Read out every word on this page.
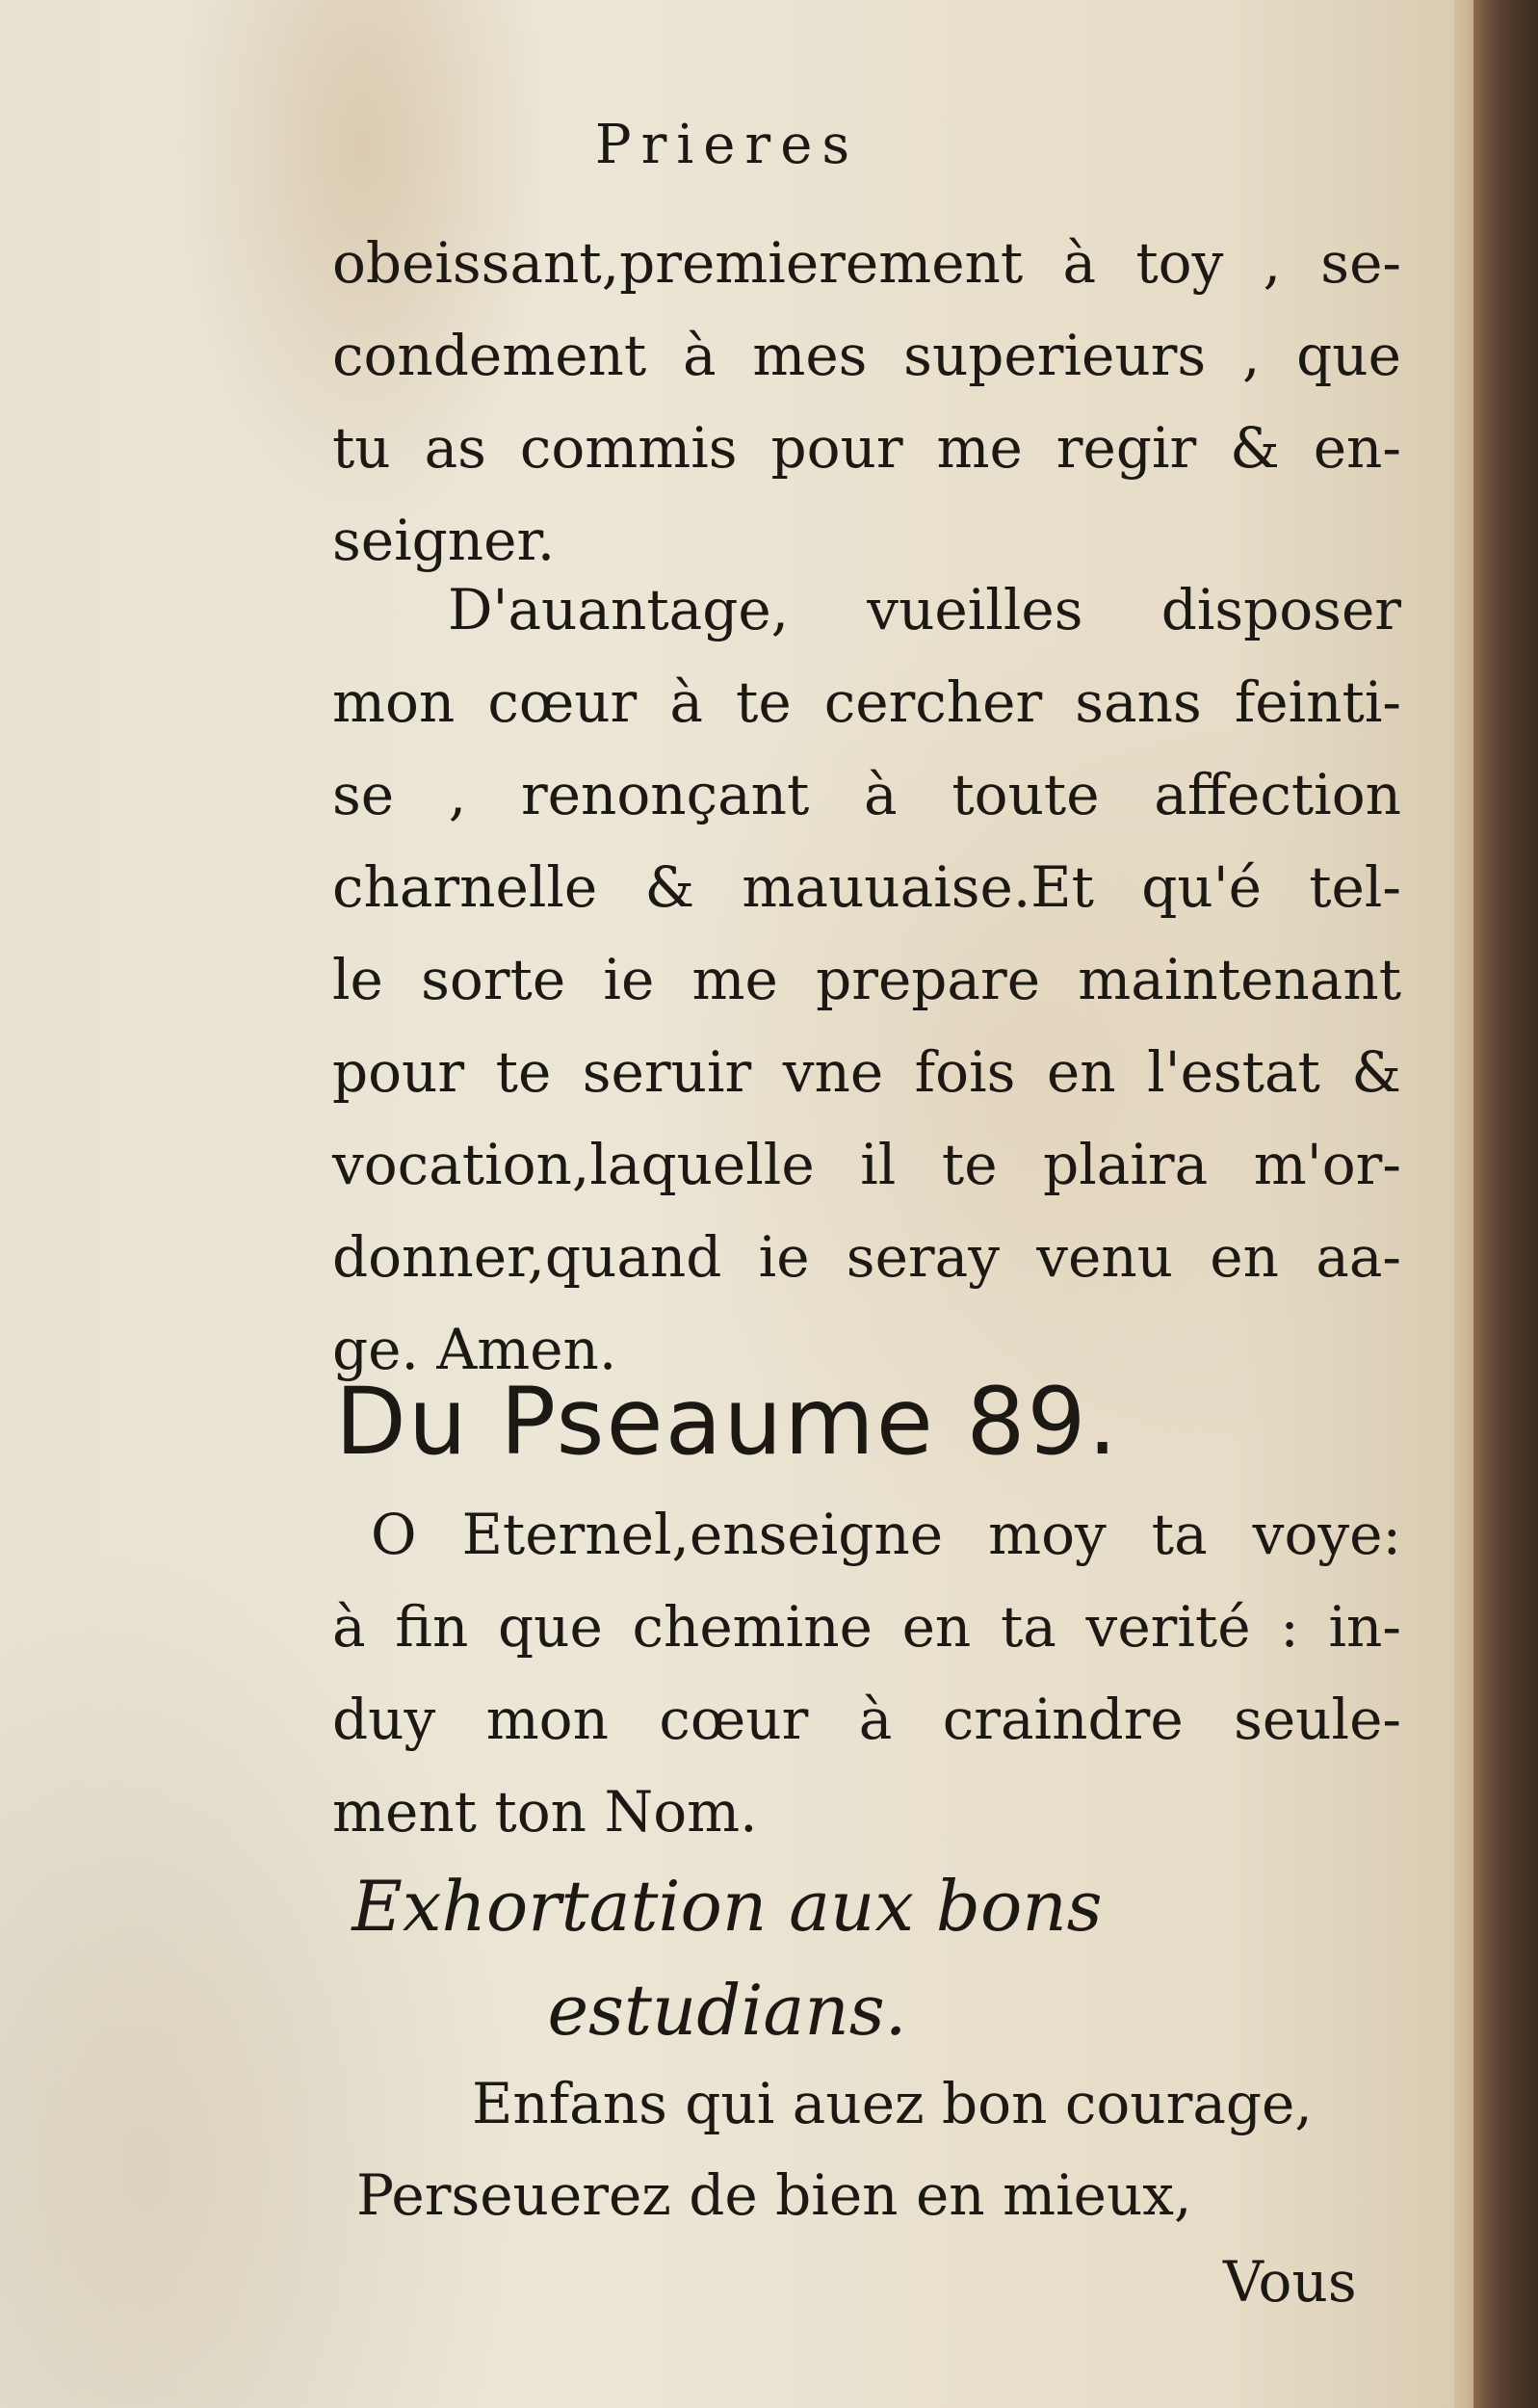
Prieres
obeissant,premierement à toy , se-
condement à mes superieurs , que
tu as commis pour me regir & en-
seigner.
D'auantage, vueilles disposer
mon cœur à te cercher sans feinti-
se , renonçant à toute affection
charnelle & mauuaise.Et qu'é tel-
le sorte ie me prepare maintenant
pour te seruir vne fois en l'estat &
vocation,laquelle il te plaira m'or-
donner,quand ie seray venu en aa-
ge. Amen.
Du Pseaume 89.
O Eternel,enseigne moy ta voye:
à fin que chemine en ta verité : in-
duy mon cœur à craindre seule-
ment ton Nom.
Exhortation aux bons
estudians.
Enfans qui auez bon courage,
Perseuerez de bien en mieux,
Vous
